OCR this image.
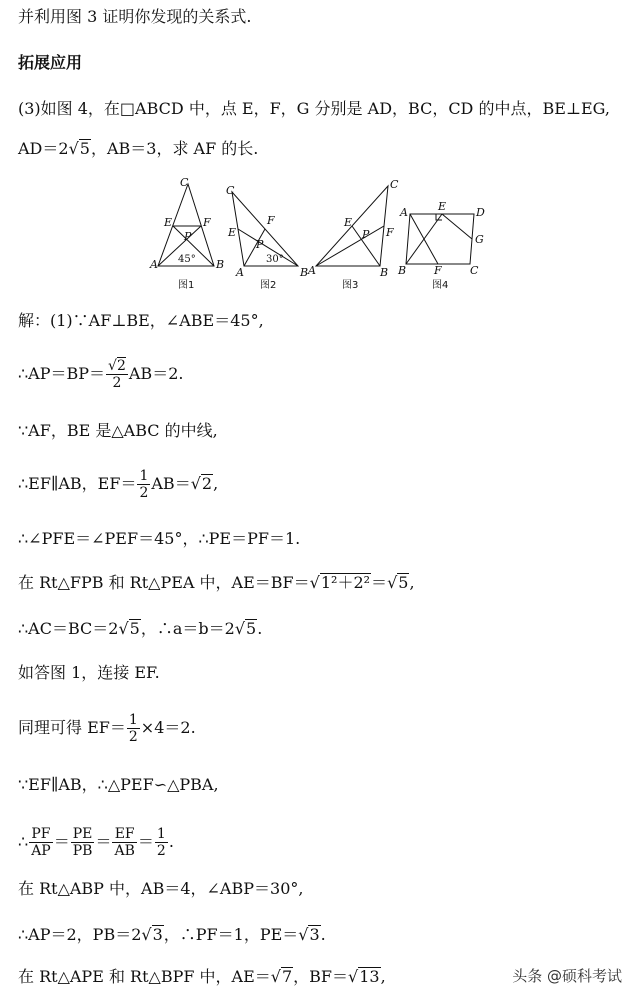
并利用图 3 证明你发现的关系式.
拓展应用
(3)如图 4，在□ABCD 中，点 E，F，G 分别是 AD，BC，CD 的中点，BE⊥EG,
AD＝2√5，AB＝3，求 AF 的长.
C
E	F
P
A	B
45°
C
F
E
P
A	B
30°
C
E
P F
A	B
A	E	D
G
B	F	C
图1	图2	图3	图4
解：(1)∵AF⊥BE，∠ABE＝45°,
∴AP＝BP＝ $\frac{√2}{2} AB=2$.
∵AF，BE 是△ABC 的中线,
∴EF∥AB，$EF= \frac{1}{2} AB=√2$,
∴∠PFE＝∠PEF＝45°，∴PE＝PF＝1.
在 Rt△FPB 和 Rt△PEA 中，AE＝BF＝√1²＋2²＝√5,
∴AC＝BC＝2√5，∴a＝b＝2√5.
如答图 1，连接 EF.
同理可得 $EF= \frac{1}{2} \times 4=2$.
∵EF∥AB，∴△PEF∽△PBA,
∴ $\frac{PF}{AP} = \frac{PE}{PB} = \frac{EF}{AB} = \frac{1}{2}$ .
在 Rt△ABP 中，AB＝4，∠ABP＝30°,
∴AP＝2，PB＝2√3，∴PF＝1，PE＝√3.
在 Rt△APE 和 Rt△BPF 中，AE＝√7，BF＝√13,	头条 @硕科考试
